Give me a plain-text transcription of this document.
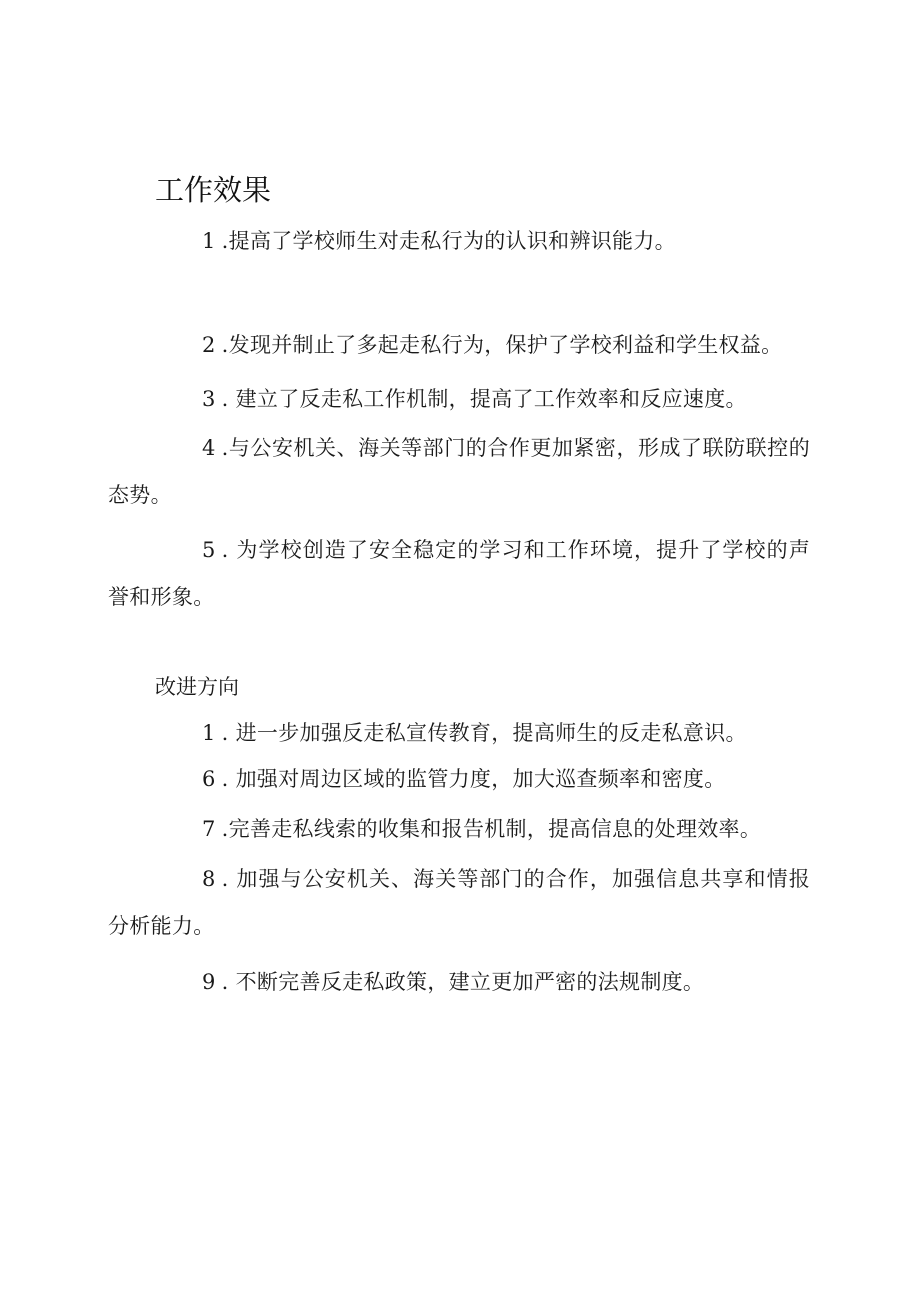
工作效果
1 .提高了学校师生对走私行为的认识和辨识能力。
2 .发现并制止了多起走私行为，保护了学校利益和学生权益。
3 . 建立了反走私工作机制，提高了工作效率和反应速度。
4 .与公安机关、海关等部门的合作更加紧密，形成了联防联控的态势。
5 . 为学校创造了安全稳定的学习和工作环境，提升了学校的声誉和形象。
改进方向
1 . 进一步加强反走私宣传教育，提高师生的反走私意识。
6 . 加强对周边区域的监管力度，加大巡查频率和密度。
7 .完善走私线索的收集和报告机制，提高信息的处理效率。
8 . 加强与公安机关、海关等部门的合作，加强信息共享和情报分析能力。
9 . 不断完善反走私政策，建立更加严密的法规制度。
